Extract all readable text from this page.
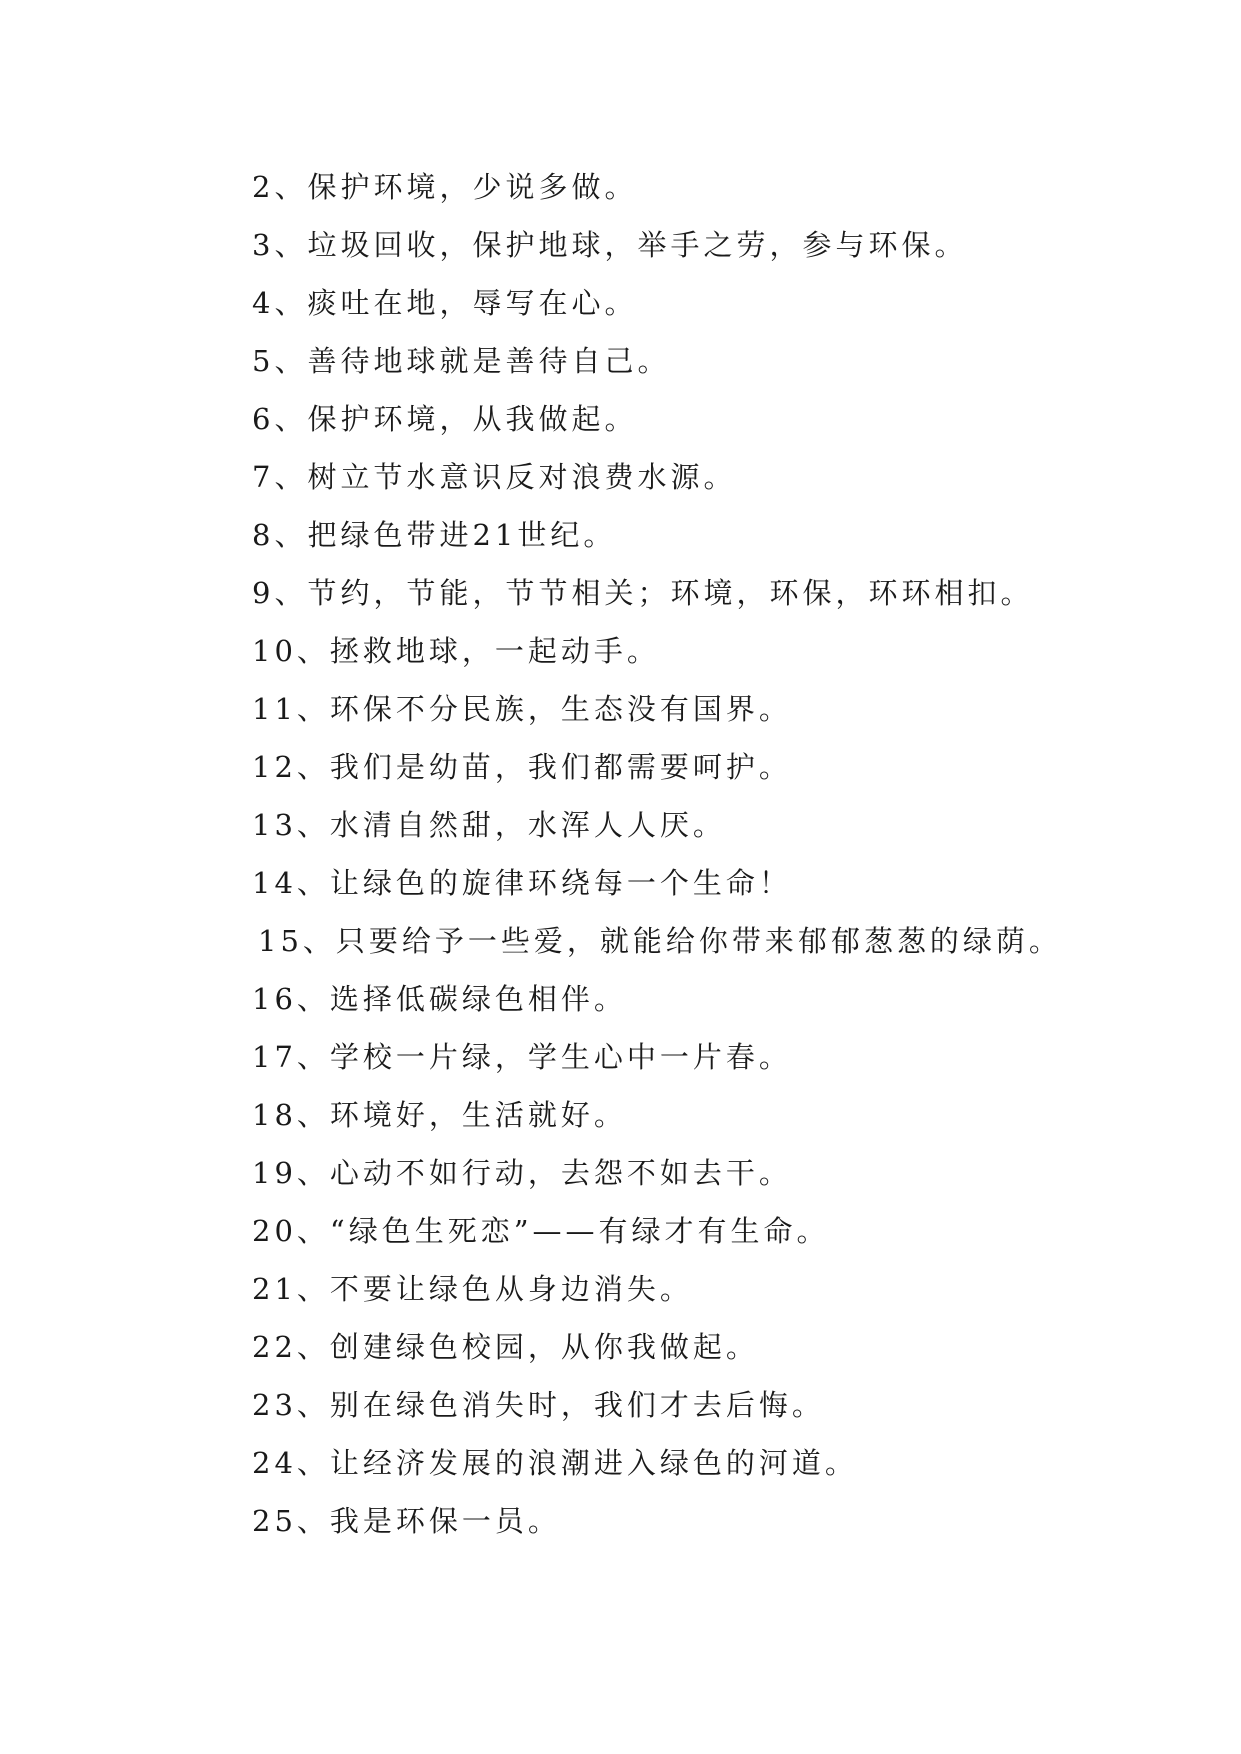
2、保护环境，少说多做。
3、垃圾回收，保护地球，举手之劳，参与环保。
4、痰吐在地，辱写在心。
5、善待地球就是善待自己。
6、保护环境，从我做起。
7、树立节水意识反对浪费水源。
8、把绿色带进21世纪。
9、节约，节能，节节相关；环境，环保，环环相扣。
10、拯救地球，一起动手。
11、环保不分民族，生态没有国界。
12、我们是幼苗，我们都需要呵护。
13、水清自然甜，水浑人人厌。
14、让绿色的旋律环绕每一个生命！
15、只要给予一些爱，就能给你带来郁郁葱葱的绿荫。
16、选择低碳绿色相伴。
17、学校一片绿，学生心中一片春。
18、环境好，生活就好。
19、心动不如行动，去怨不如去干。
20、“绿色生死恋”——有绿才有生命。
21、不要让绿色从身边消失。
22、创建绿色校园，从你我做起。
23、别在绿色消失时，我们才去后悔。
24、让经济发展的浪潮进入绿色的河道。
25、我是环保一员。
